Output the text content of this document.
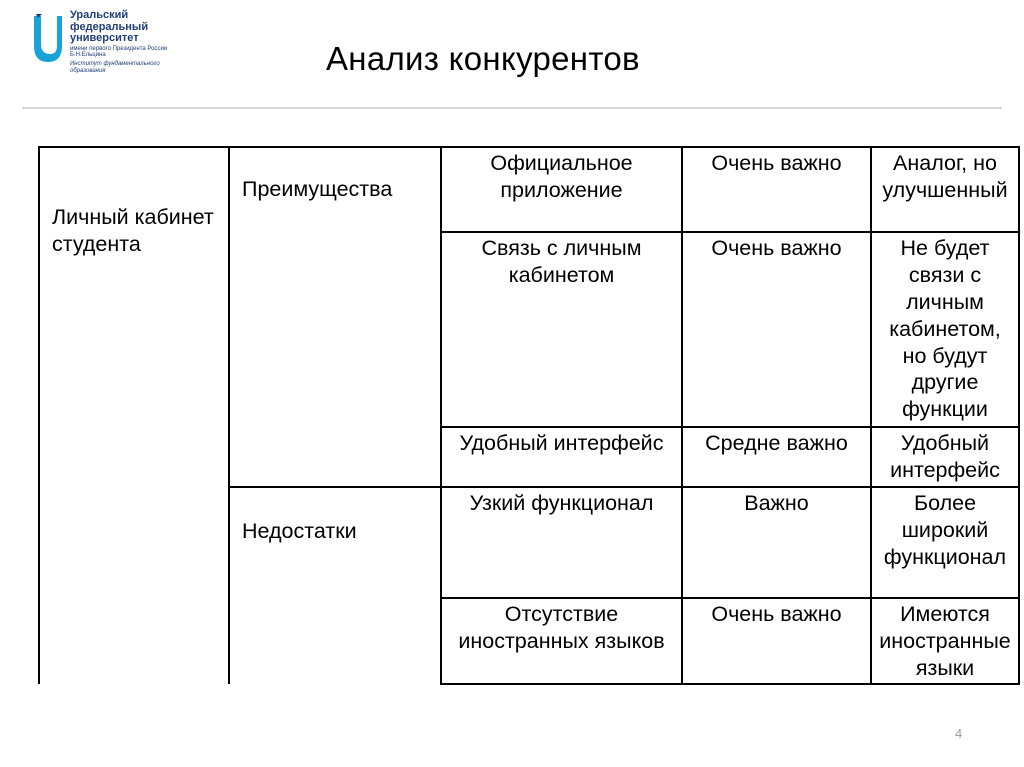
Уральский федеральный университет
имени первого Президента России Б.Н.Ельцина
Институт фундаментального образования	Анализ конкурентов
Личный кабинет студента	Преимущества	Официальное приложение	Очень важно	Аналог, но улучшенный
		Связь с личным кабинетом	Очень важно	Не будет связи с личным кабинетом, но будут другие функции
		Удобный интерфейс	Средне важно	Удобный интерфейс

	Недостатки	Узкий функционал	Важно	Более широкий функционал
		Отсутствие иностранных языков	Очень важно	Имеются иностранные языки
4
